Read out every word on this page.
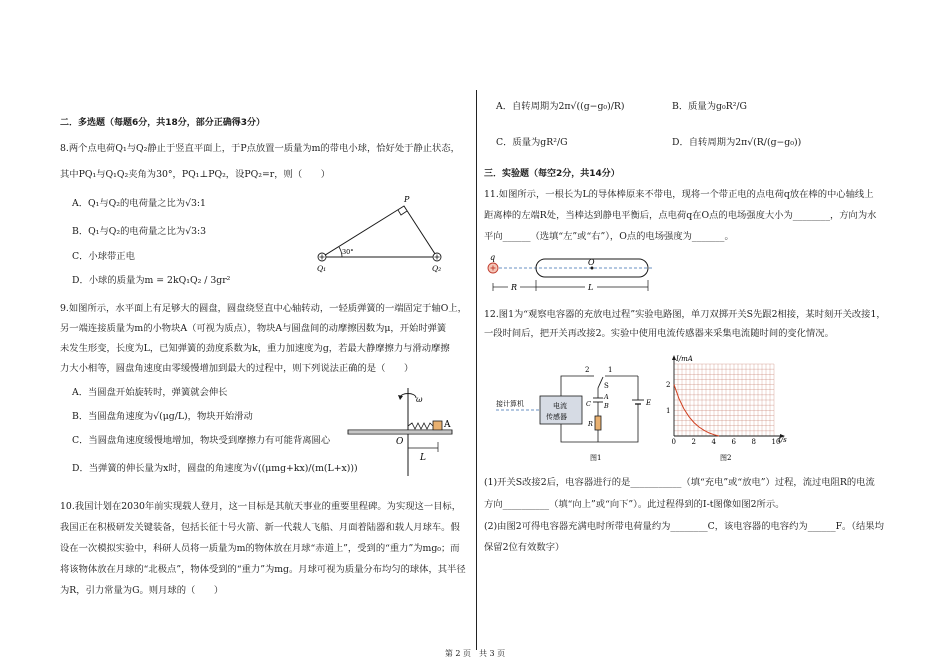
二．多选题（每题6分，共18分，部分正确得3分）
8.两个点电荷Q₁与Q₂静止于竖直平面上，于P点放置一质量为m的带电小球，恰好处于静止状态，
其中PQ₁与Q₁Q₂夹角为30°，PQ₁⊥PQ₂，设PQ₂=r，则（　　）
A．Q₁与Q₂的电荷量之比为√3:1
B．Q₁与Q₂的电荷量之比为√3:3
C．小球带正电
D．小球的质量为m = 2kQ₁Q₂ / 3gr²
9.如图所示，水平面上有足够大的圆盘，圆盘绕竖直中心轴转动，一轻质弹簧的一端固定于轴O上，
另一端连接质量为m的小物块A（可视为质点），物块A与圆盘间的动摩擦因数为μ，开始时弹簧
未发生形变，长度为L，已知弹簧的劲度系数为k，重力加速度为g，若最大静摩擦力与滑动摩擦
力大小相等，圆盘角速度由零缓慢增加到最大的过程中，则下列说法正确的是（　　）
A．当圆盘开始旋转时，弹簧就会伸长
B．当圆盘角速度为√(μg/L)，物块开始滑动
C．当圆盘角速度缓慢地增加，物块受到摩擦力有可能背离圆心
D．当弹簧的伸长量为x时，圆盘的角速度为√((μmg+kx)/(m(L+x)))
10.我国计划在2030年前实现载人登月，这一目标是其航天事业的重要里程碑。为实现这一目标，
我国正在积极研发关键装备，包括长征十号火箭、新一代载人飞船、月面着陆器和载人月球车。假
设在一次模拟实验中，科研人员将一质量为m的物体放在月球“赤道上”，受到的“重力”为mg₀；而
将该物体放在月球的“北极点”，物体受到的“重力”为mg。月球可视为质量分布均匀的球体，其半径
为R，引力常量为G。则月球的（　　）
P
30°
Q₁	Q₂
A
ω
O
L
A．自转周期为2π√((g−g₀)/R)	B．质量为g₀R²/G
C．质量为gR²/G	D．自转周期为2π√(R/(g−g₀))
三．实验题（每空2分，共14分）
11.如图所示，一根长为L的导体棒原来不带电，现将一个带正电的点电荷q放在棒的中心轴线上
距离棒的左端R处，当棒达到静电平衡后，点电荷q在O点的电场强度大小为________，方向为水
平向______（选填“左”或“右”），O点的电场强度为_______。
12.图1为“观察电容器的充放电过程”实验电路图，单刀双掷开关S先跟2相接，某时刻开关改接1，
一段时间后，把开关再改接2。实验中使用电流传感器来采集电流随时间的变化情况。
(1)开关S改接2后，电容器进行的是___________（填“充电”或“放电”）过程，流过电阻R的电流
方向__________（填“向上”或“向下”）。此过程得到的I-t图像如图2所示。
(2)由图2可得电容器充满电时所带电荷量约为________C，该电容器的电容约为______F。（结果均
保留2位有效数字）
q
O
R	L
接计算机	电流
传感器
2	1
S
A
B
C
R
E
图1
0 2 4 6 8 10
1
2
I/mA
t/s
图2
第 2 页　共 3 页
